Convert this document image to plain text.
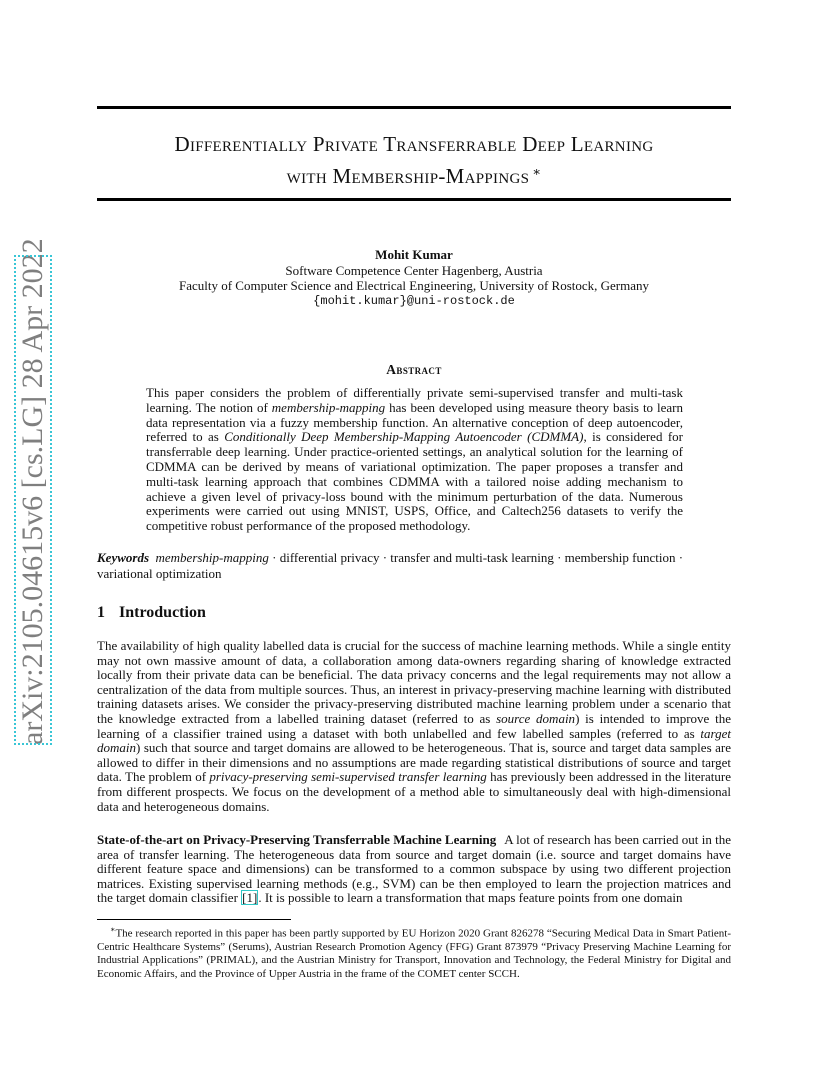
arXiv:2105.04615v6 [cs.LG] 28 Apr 2022
Differentially Private Transferrable Deep Learning
with Membership-Mappings ∗
Mohit Kumar
Software Competence Center Hagenberg, Austria
Faculty of Computer Science and Electrical Engineering, University of Rostock, Germany
{mohit.kumar}@uni-rostock.de
Abstract

This paper considers the problem of differentially private semi-supervised transfer and multi-task learning. The notion of membership-mapping has been developed using measure theory basis to learn data representation via a fuzzy membership function. An alternative conception of deep autoencoder, referred to as Conditionally Deep Membership-Mapping Autoencoder (CDMMA), is considered for transferrable deep learning. Under practice-oriented settings, an analytical solution for the learning of CDMMA can be derived by means of variational optimization. The paper proposes a transfer and multi-task learning approach that combines CDMMA with a tailored noise adding mechanism to achieve a given level of privacy-loss bound with the minimum perturbation of the data. Numerous experiments were carried out using MNIST, USPS, Office, and Caltech256 datasets to verify the competitive robust performance of the proposed methodology.

Keywords membership-mapping · differential privacy · transfer and multi-task learning · membership function · variational optimization

1 Introduction

The availability of high quality labelled data is crucial for the success of machine learning methods. While a single entity may not own massive amount of data, a collaboration among data-owners regarding sharing of knowledge extracted locally from their private data can be beneficial. The data privacy concerns and the legal requirements may not allow a centralization of the data from multiple sources. Thus, an interest in privacy-preserving machine learning with distributed training datasets arises. We consider the privacy-preserving distributed machine learning problem under a scenario that the knowledge extracted from a labelled training dataset (referred to as source domain) is intended to improve the learning of a classifier trained using a dataset with both unlabelled and few labelled samples (referred to as target domain) such that source and target domains are allowed to be heterogeneous. That is, source and target data samples are allowed to differ in their dimensions and no assumptions are made regarding statistical distributions of source and target data. The problem of privacy-preserving semi-supervised transfer learning has previously been addressed in the literature from different prospects. We focus on the development of a method able to simultaneously deal with high-dimensional data and heterogeneous domains.

State-of-the-art on Privacy-Preserving Transferrable Machine Learning A lot of research has been carried out in the area of transfer learning. The heterogeneous data from source and target domain (i.e. source and target domains have different feature space and dimensions) can be transformed to a common subspace by using two different projection matrices. Existing supervised learning methods (e.g., SVM) can be then employed to learn the projection matrices and the target domain classifier [1]. It is possible to learn a transformation that maps feature points from one domain

∗The research reported in this paper has been partly supported by EU Horizon 2020 Grant 826278 “Securing Medical Data in Smart Patient-Centric Healthcare Systems” (Serums), Austrian Research Promotion Agency (FFG) Grant 873979 “Privacy Preserving Machine Learning for Industrial Applications” (PRIMAL), and the Austrian Ministry for Transport, Innovation and Technology, the Federal Ministry for Digital and Economic Affairs, and the Province of Upper Austria in the frame of the COMET center SCCH.
